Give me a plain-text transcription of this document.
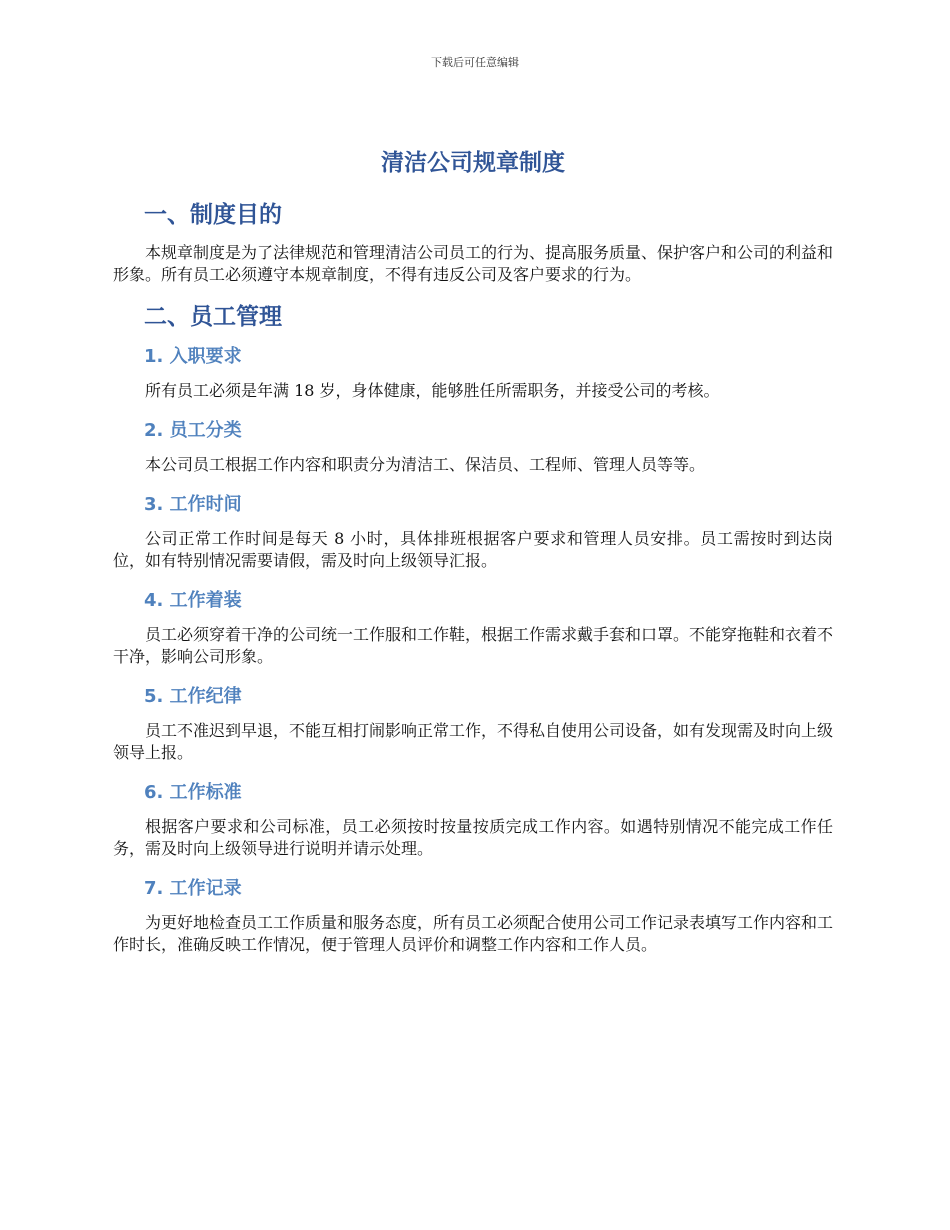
下载后可任意编辑
清洁公司规章制度
一、制度目的

本规章制度是为了法律规范和管理清洁公司员工的行为、提高服务质量、保护客户和公司的利益和形象。所有员工必须遵守本规章制度，不得有违反公司及客户要求的行为。

二、员工管理
1. 入职要求

所有员工必须是年满 18 岁，身体健康，能够胜任所需职务，并接受公司的考核。

2. 员工分类

本公司员工根据工作内容和职责分为清洁工、保洁员、工程师、管理人员等等。

3. 工作时间

公司正常工作时间是每天 8 小时，具体排班根据客户要求和管理人员安排。员工需按时到达岗位，如有特别情况需要请假，需及时向上级领导汇报。

4. 工作着装

员工必须穿着干净的公司统一工作服和工作鞋，根据工作需求戴手套和口罩。不能穿拖鞋和衣着不干净，影响公司形象。

5. 工作纪律

员工不准迟到早退，不能互相打闹影响正常工作，不得私自使用公司设备，如有发现需及时向上级领导上报。

6. 工作标准

根据客户要求和公司标准，员工必须按时按量按质完成工作内容。如遇特别情况不能完成工作任务，需及时向上级领导进行说明并请示处理。

7. 工作记录

为更好地检查员工工作质量和服务态度，所有员工必须配合使用公司工作记录表填写工作内容和工作时长，准确反映工作情况，便于管理人员评价和调整工作内容和工作人员。
